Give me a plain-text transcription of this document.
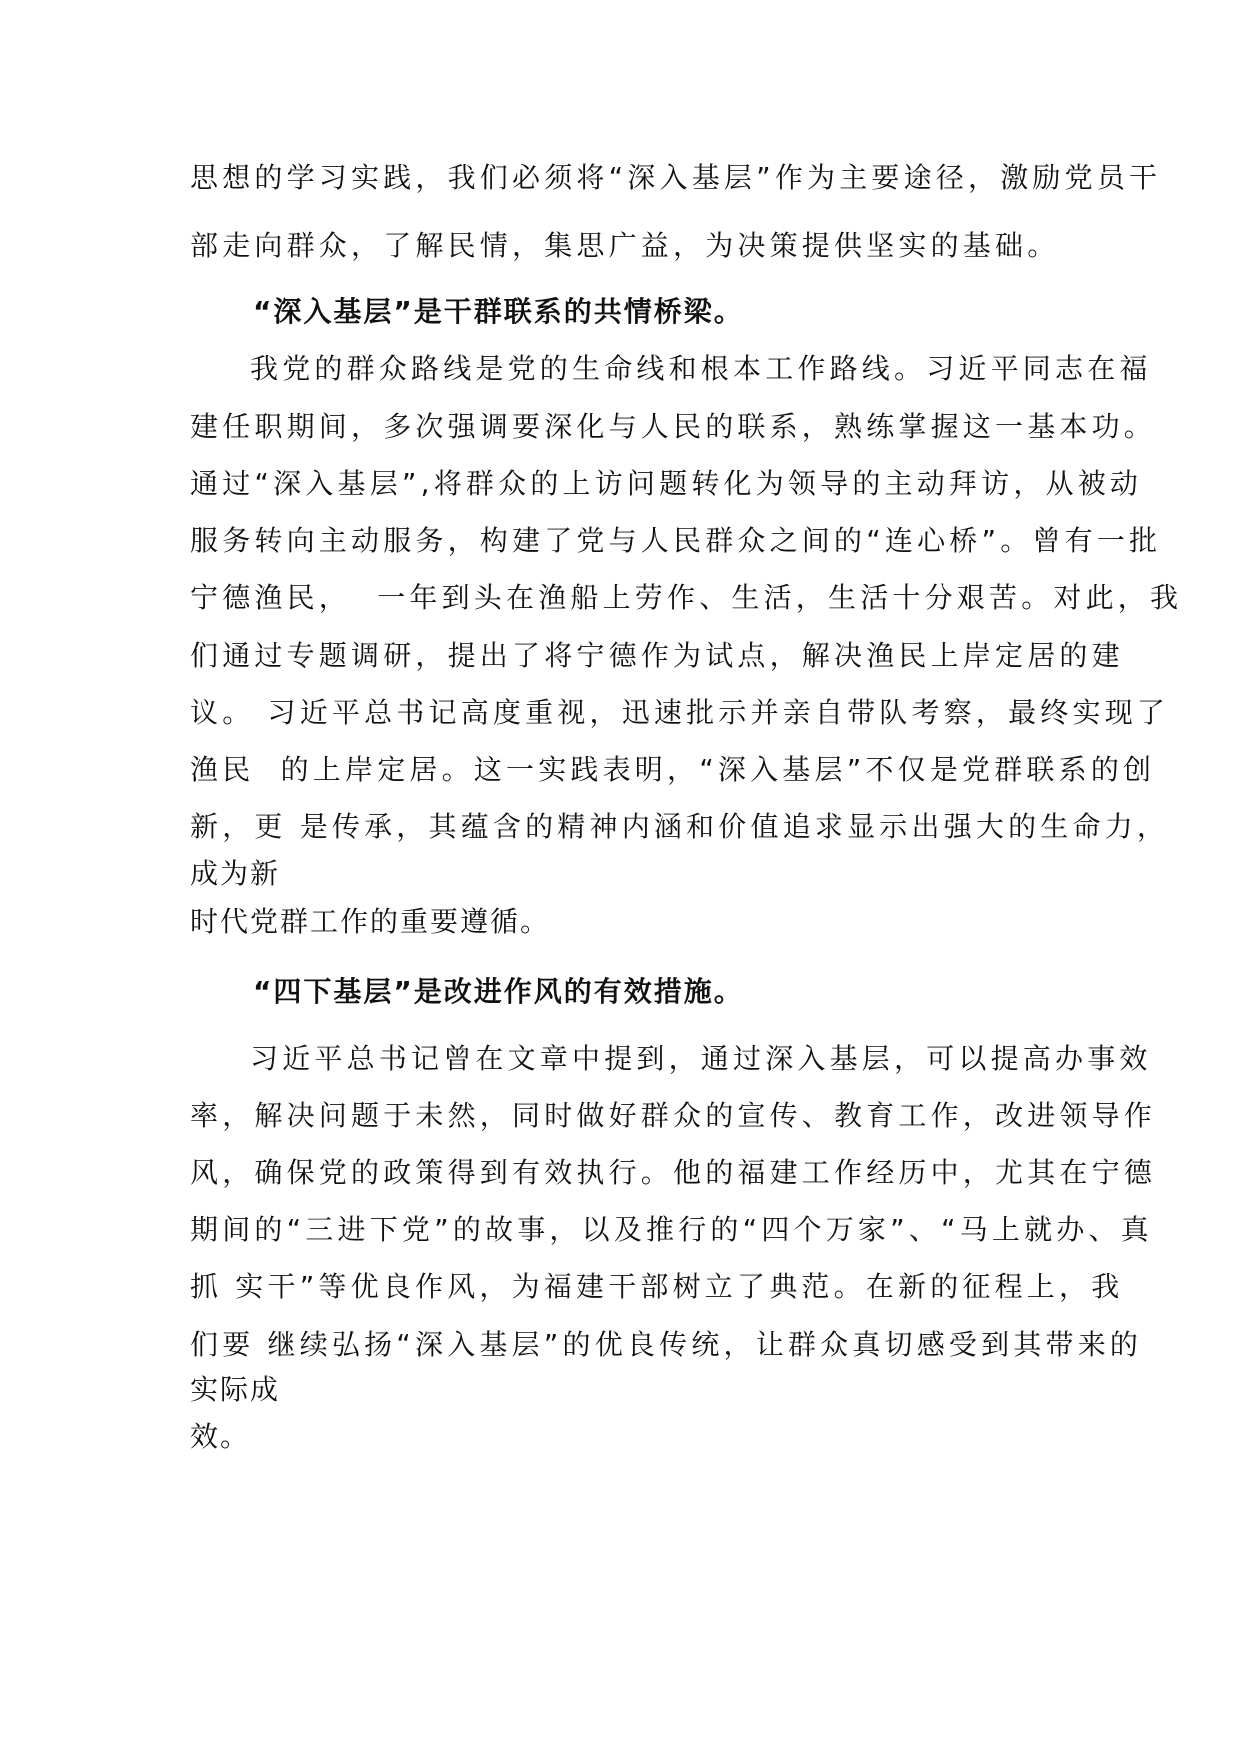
思想的学习实践，我们必须将“深入基层”作为主要途径，激励党员干

部走向群众，了解民情，集思广益，为决策提供坚实的基础。

“深入基层”是干群联系的共情桥梁。

我党的群众路线是党的生命线和根本工作路线。习近平同志在福

建任职期间，多次强调要深化与人民的联系，熟练掌握这一基本功。

通过“深入基层”,将群众的上访问题转化为领导的主动拜访，从被动

服务转向主动服务，构建了党与人民群众之间的“连心桥”。曾有一批

宁德渔民，  一年到头在渔船上劳作、生活，生活十分艰苦。对此，我

们通过专题调研，提出了将宁德作为试点，解决渔民上岸定居的建

议。 习近平总书记高度重视，迅速批示并亲自带队考察，最终实现了

渔民  的上岸定居。这一实践表明，“深入基层”不仅是党群联系的创

新，更 是传承，其蕴含的精神内涵和价值追求显示出强大的生命力，

成为新

时代党群工作的重要遵循。

“四下基层”是改进作风的有效措施。

习近平总书记曾在文章中提到，通过深入基层，可以提高办事效

率，解决问题于未然，同时做好群众的宣传、教育工作，改进领导作

风，确保党的政策得到有效执行。他的福建工作经历中，尤其在宁德

期间的“三进下党”的故事，以及推行的“四个万家”、“马上就办、真

抓 实干”等优良作风，为福建干部树立了典范。在新的征程上，我

们要 继续弘扬“深入基层”的优良传统，让群众真切感受到其带来的

实际成

效。
